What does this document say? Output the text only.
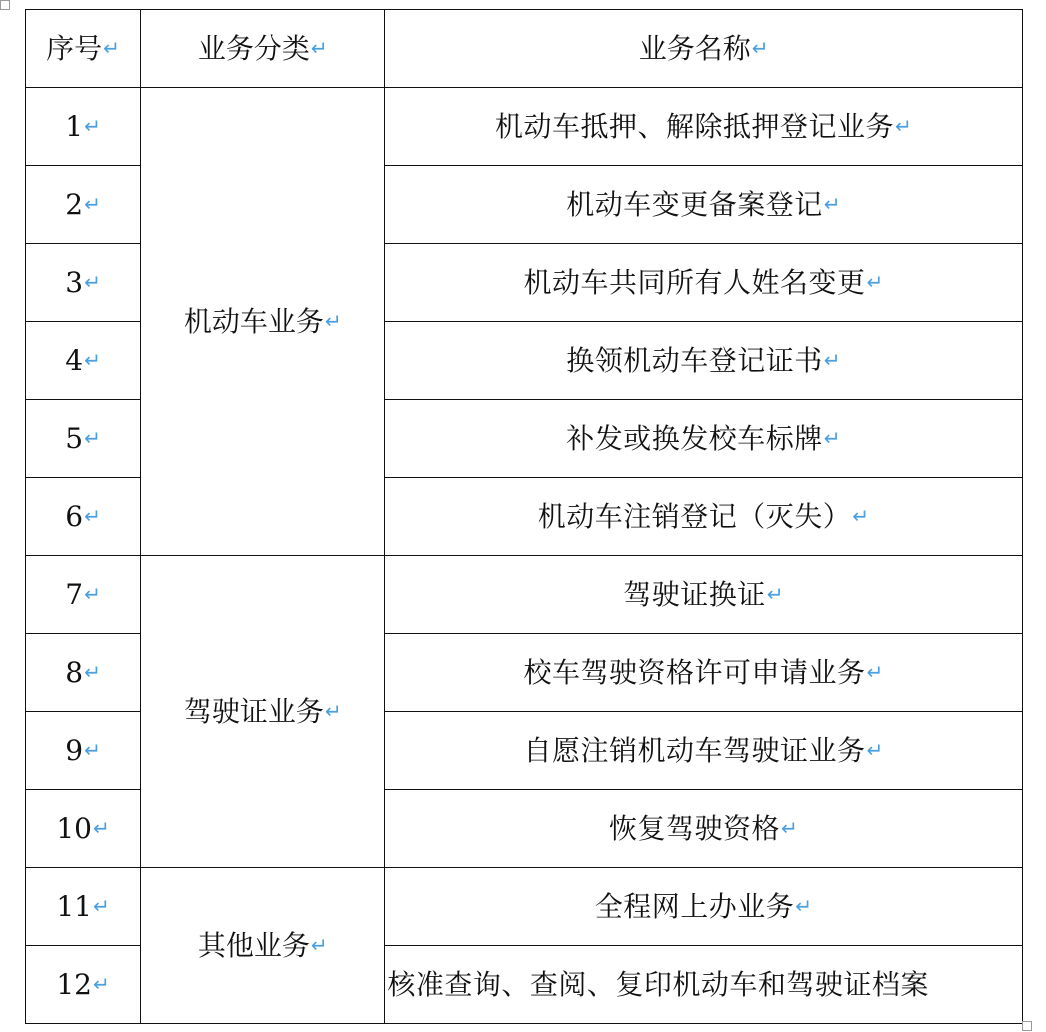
序号↵	业务分类↵	业务名称↵
1↵	机动车业务↵	机动车抵押、解除抵押登记业务↵
2↵		机动车变更备案登记↵
3↵		机动车共同所有人姓名变更↵
4↵		换领机动车登记证书↵
5↵		补发或换发校车标牌↵
6↵		机动车注销登记（灭失）↵
7↵	驾驶证业务↵	驾驶证换证↵
8↵		校车驾驶资格许可申请业务↵
9↵		自愿注销机动车驾驶证业务↵
10↵		恢复驾驶资格↵
11↵	其他业务↵	全程网上办业务↵
12↵		核准查询、查阅、复印机动车和驾驶证档案
